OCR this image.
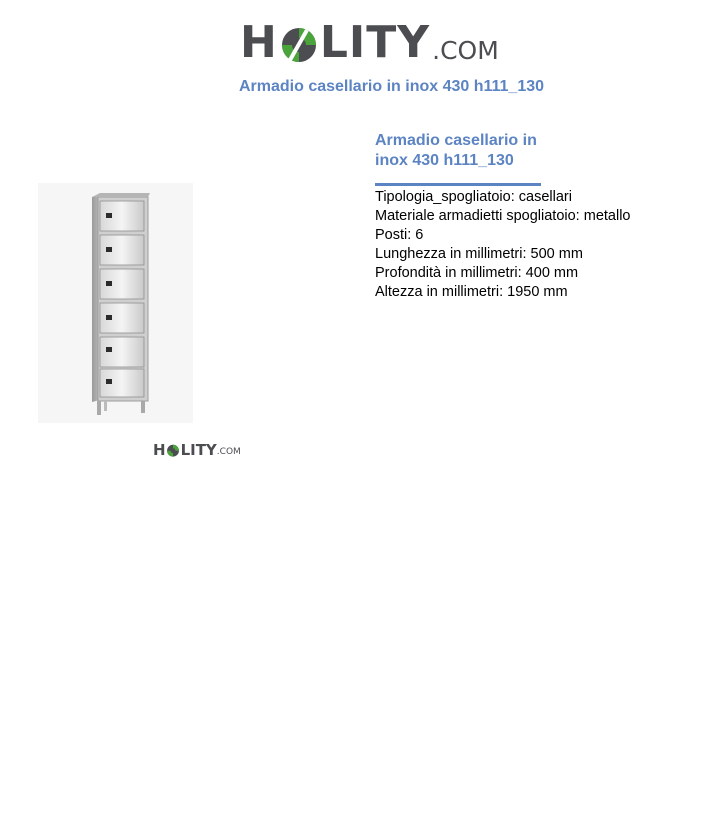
H LITY .COM
Armadio casellario in inox 430 h111_130
H LITY .COM
Armadio casellario in inox 430 h111_130
Tipologia_spogliatoio: casellari
Materiale armadietti spogliatoio: metallo
Posti: 6
Lunghezza in millimetri: 500 mm
Profondità in millimetri: 400 mm
Altezza in millimetri: 1950 mm
